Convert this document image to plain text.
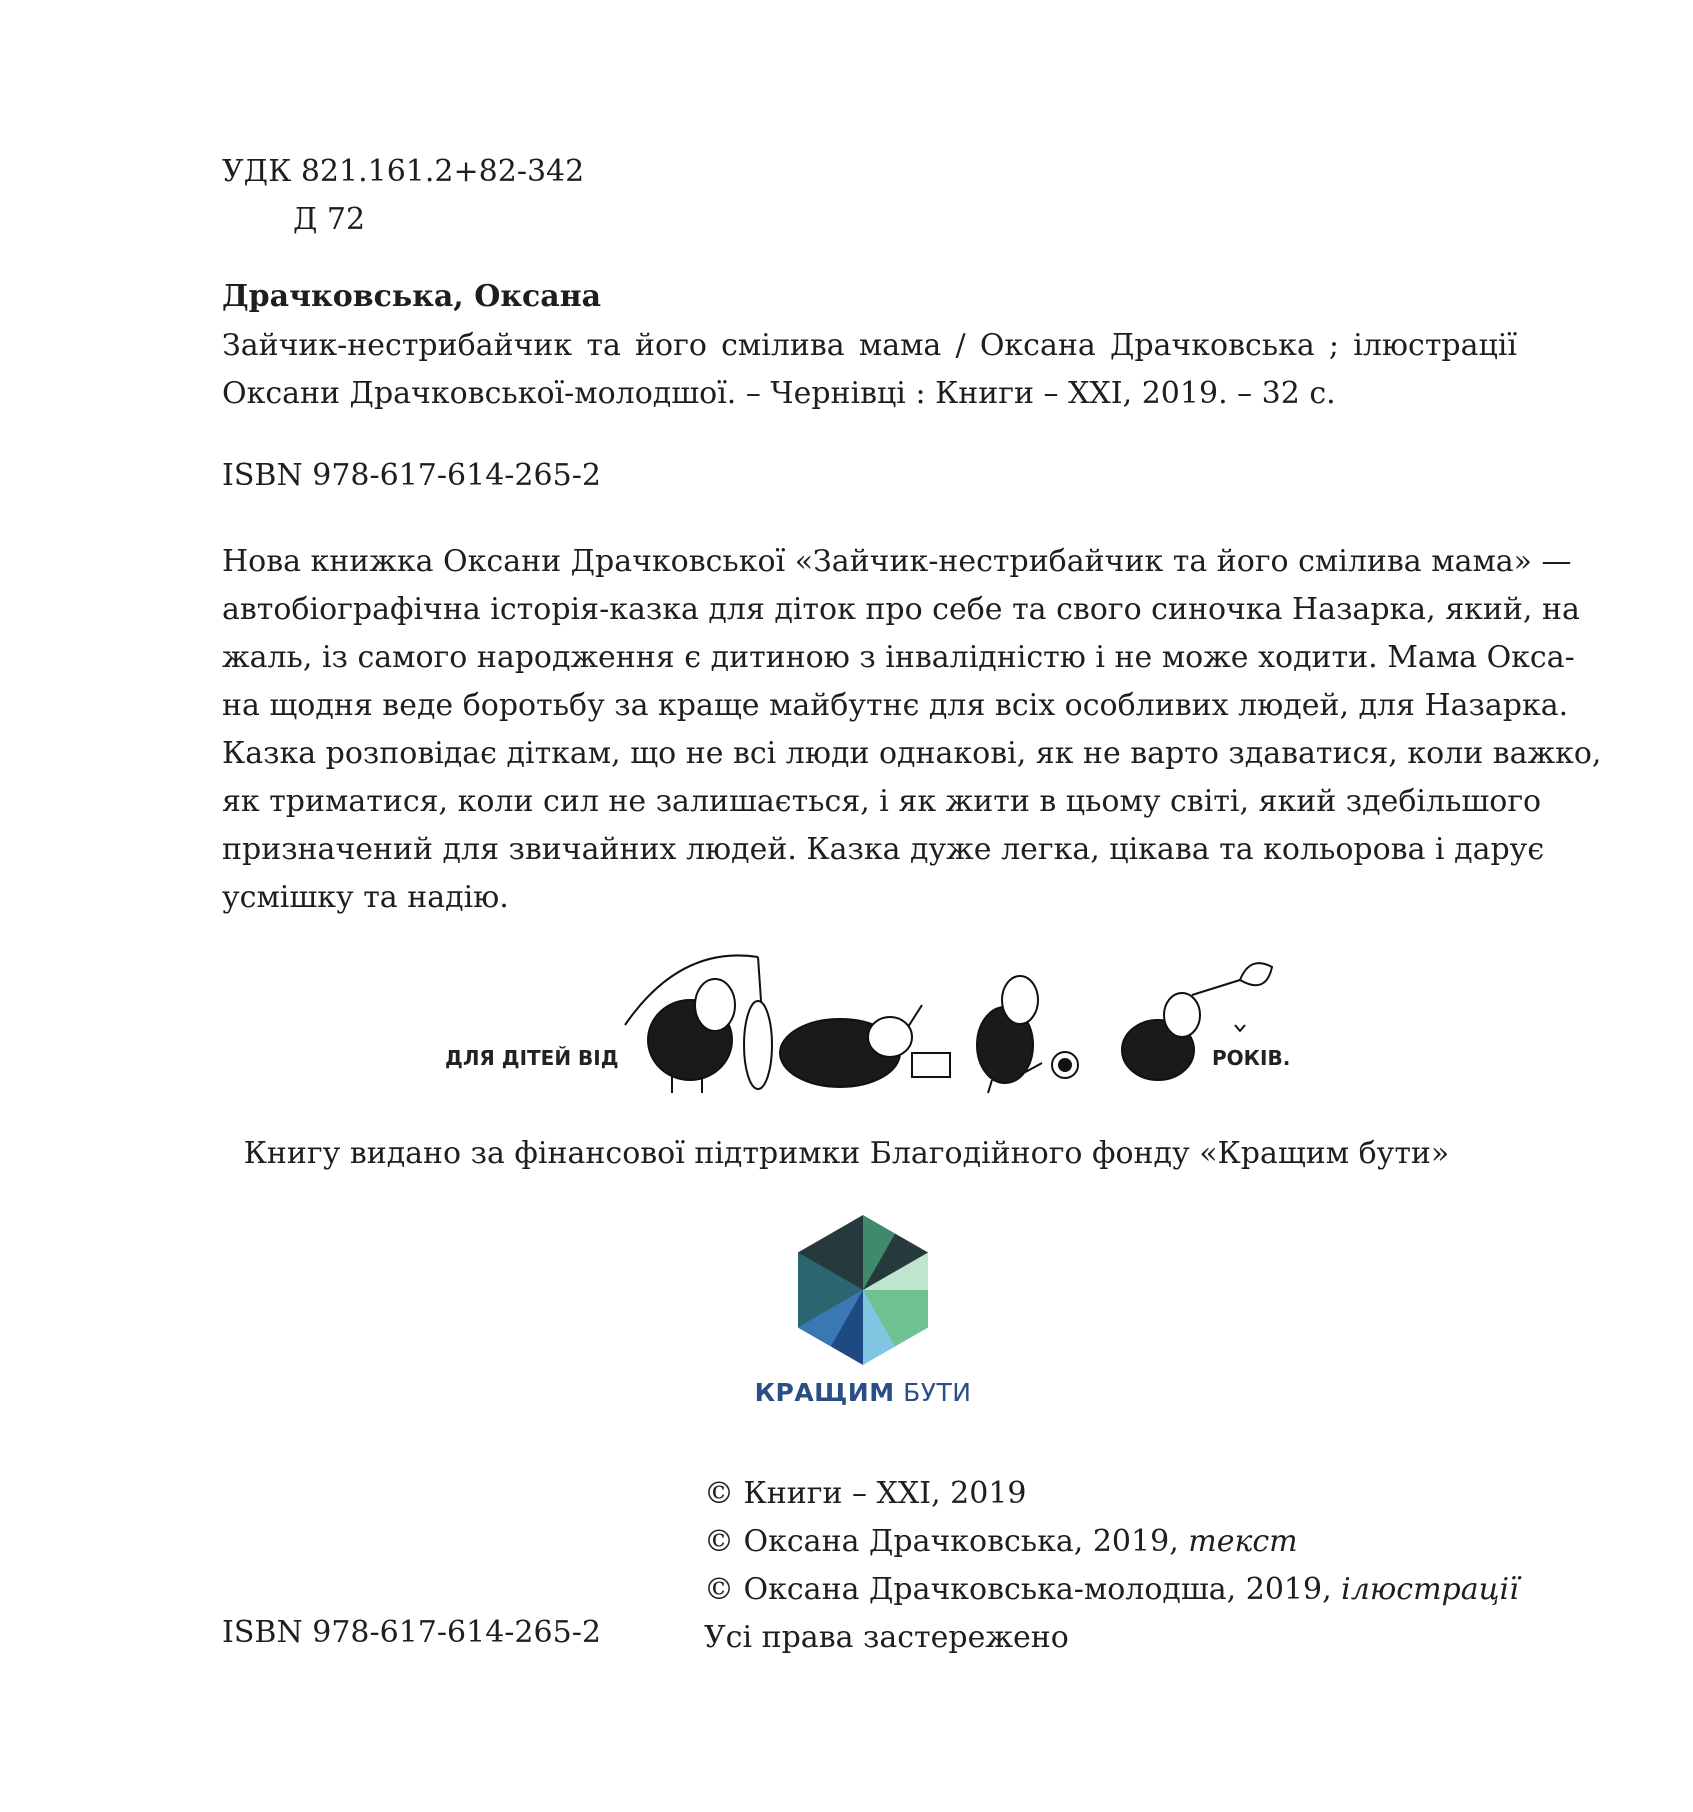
УДК 821.161.2+82-342
Д 72
Драчковська, Оксана
Зайчик-нестрибайчик та його смілива мама / Оксана Драчковська ; ілюстрації
Оксани Драчковської-молодшої. – Чернівці : Книги – XXI, 2019. – 32 с.
ISBN 978-617-614-265-2
Нова книжка Оксани Драчковської «Зайчик-нестрибайчик та його смілива мама» —
автобіографічна історія-казка для діток про себе та свого синочка Назарка, який, на
жаль, із самого народження є дитиною з інвалідністю і не може ходити. Мама Окса-
на щодня веде боротьбу за краще майбутнє для всіх особливих людей, для Назарка.
Казка розповідає діткам, що не всі люди однакові, як не варто здаватися, коли важко,
як триматися, коли сил не залишається, і як жити в цьому світі, який здебільшого
призначений для звичайних людей. Казка дуже легка, цікава та кольорова і дарує
усмішку та надію.
ДЛЯ ДІТЕЙ ВІД	РОКІВ.
Книгу видано за фінансової підтримки Благодійного фонду «Кращим бути»
КРАЩИМ БУТИ
© Книги – XXI, 2019
© Оксана Драчковська, 2019, текст
© Оксана Драчковська-молодша, 2019, ілюстрації
Усі права застережено
ISBN 978-617-614-265-2
